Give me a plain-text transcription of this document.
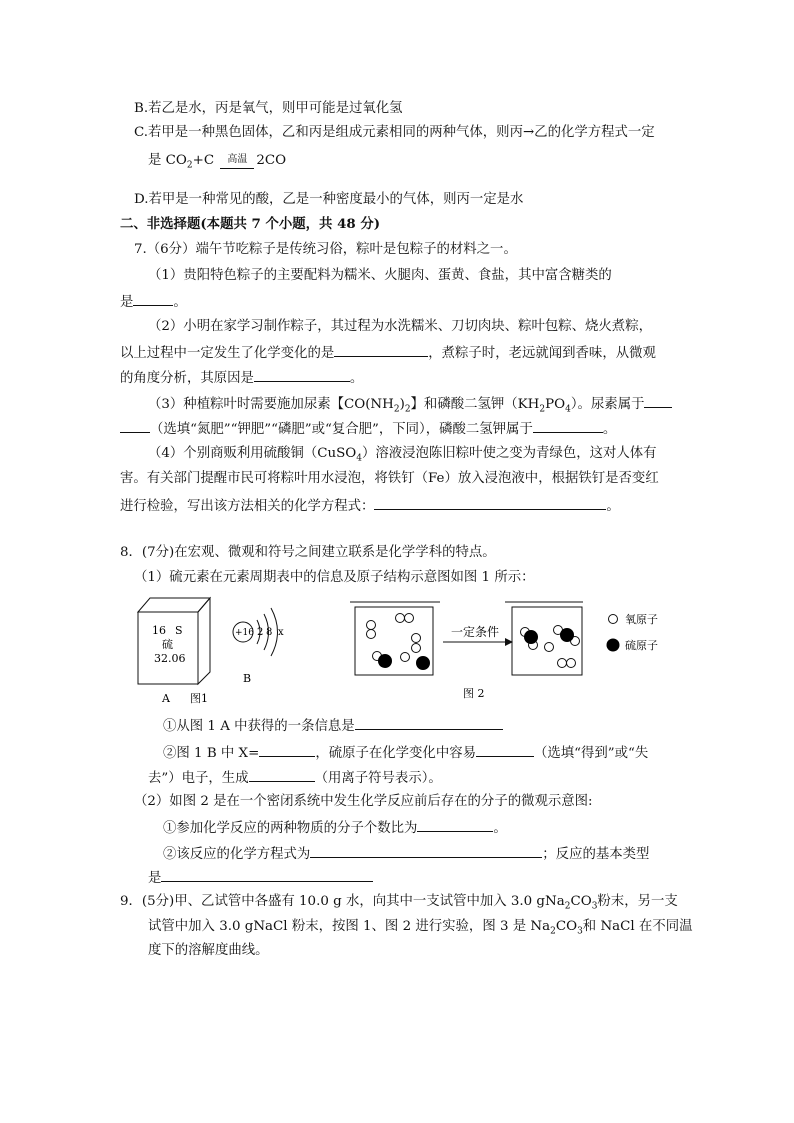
B.若乙是水，丙是氧气，则甲可能是过氧化氢
C.若甲是一种黑色固体，乙和丙是组成元素相同的两种气体，则丙→乙的化学方程式一定
是 $CO_2+C$ 高温 2CO
D.若甲是一种常见的酸，乙是一种密度最小的气体，则丙一定是水
二、非选择题(本题共 7 个小题，共 48 分)
7.（6分）端午节吃粽子是传统习俗，粽叶是包粽子的材料之一。
（1）贵阳特色粽子的主要配料为糯米、火腿肉、蛋黄、食盐，其中富含糖类的
是	。
（2）小明在家学习制作粽子，其过程为水洗糯米、刀切肉块、粽叶包粽、烧火煮粽，
以上过程中一定发生了化学变化的是	，煮粽子时，老远就闻到香味，从微观
的角度分析，其原因是	。
（3）种植粽叶时需要施加尿素【$CO(NH_2)_2$】和磷酸二氢钾$(KH_2PO_4)$。尿素属于
（选填“氮肥”“钾肥”“磷肥”或“复合肥”，下同），磷酸二氢钾属于	。
（4）个别商贩利用硫酸铜（CuSO$_4$）溶液浸泡陈旧粽叶使之变为青绿色，这对人体有
害。有关部门提醒市民可将粽叶用水浸泡，将铁钉（Fe）放入浸泡液中，根据铁钉是否变红
进行检验，写出该方法相关的化学方程式：	。
8．(7分)在宏观、微观和符号之间建立联系是化学学科的特点。
（1）硫元素在元素周期表中的信息及原子结构示意图如图 1 所示：
16 S
硫
32.06
A
+16 2 8 x
B
图1
一定条件
氧原子
硫原子
图 2
①从图 1 A 中获得的一条信息是
②图 1 B 中 X=	，硫原子在化学变化中容易	（选填“得到”或“失
去”）电子，生成	（用离子符号表示）。
（2）如图 2 是在一个密闭系统中发生化学反应前后存在的分子的微观示意图:
①参加化学反应的两种物质的分子个数比为	。
②该反应的化学方程式为	；反应的基本类型
是
9．(5分)甲、乙试管中各盛有 10.0 g 水，向其中一支试管中加入 3.0 $gNa_2CO_3$粉末，另一支
试管中加入 3.0 gNaCl 粉末，按图 1、图 2 进行实验，图 3 是 $Na_2CO_3$和 NaCl 在不同温
度下的溶解度曲线。
